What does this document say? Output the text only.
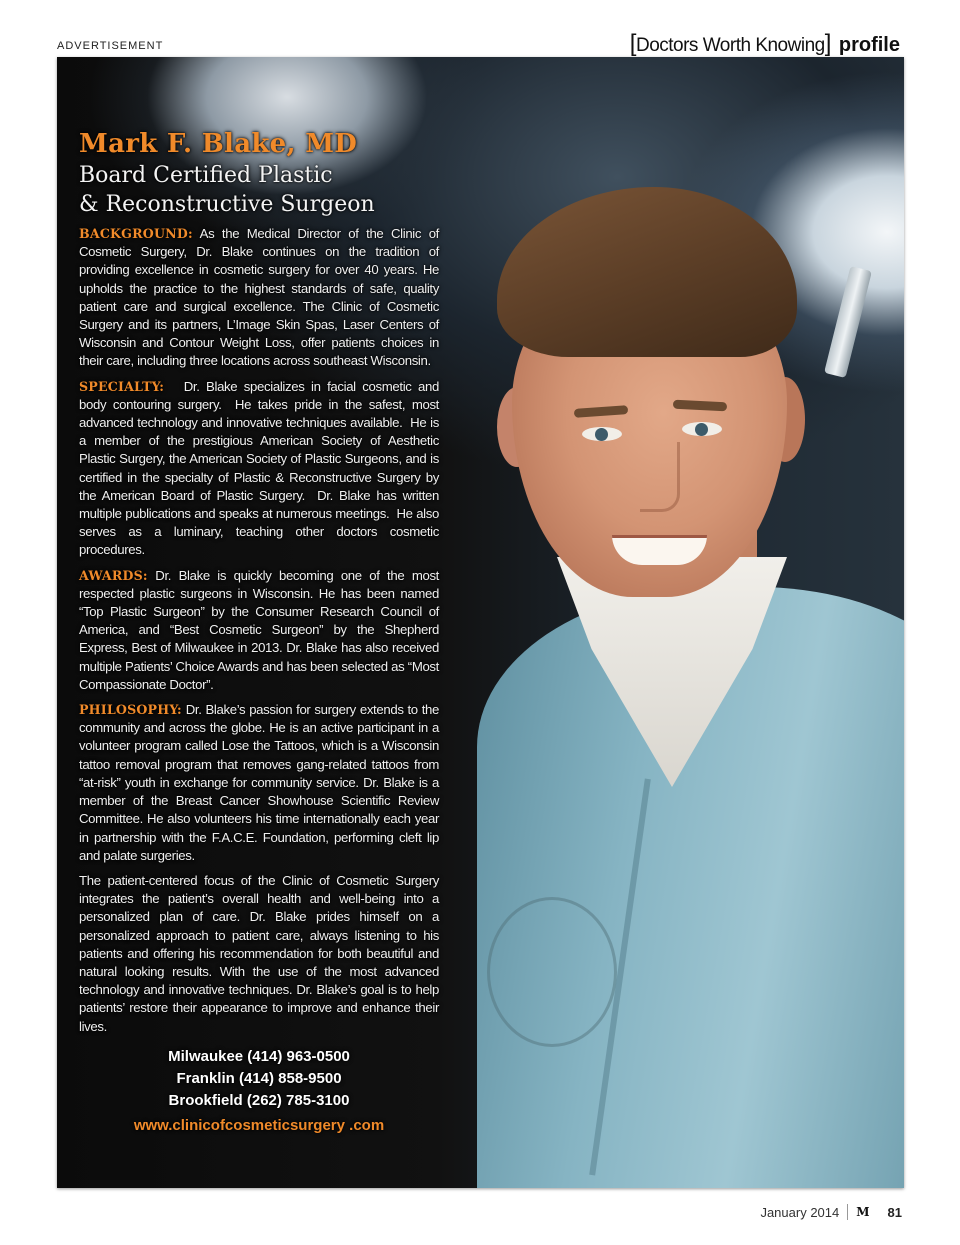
ADVERTISEMENT	[Doctors Worth Knowing] profile
Mark F. Blake, MD
Board Certified Plastic
& Reconstructive Surgeon

BACKGROUND: As the Medical Director of the Clinic of Cosmetic Surgery, Dr. Blake continues on the tradition of providing excellence in cosmetic surgery for over 40 years. He upholds the practice to the highest standards of safe, quality patient care and surgical excellence. The Clinic of Cosmetic Surgery and its partners, L’Image Skin Spas, Laser Centers of Wisconsin and Contour Weight Loss, offer patients choices in their care, including three locations across southeast Wisconsin.

SPECIALTY:   Dr. Blake specializes in facial cosmetic and body contouring surgery.  He takes pride in the safest, most advanced technology and innovative techniques available.  He is a member of the prestigious American Society of Aesthetic Plastic Surgery, the American Society of Plastic Surgeons, and is certified in the specialty of Plastic & Reconstructive Surgery by the American Board of Plastic Surgery.  Dr. Blake has written multiple publications and speaks at numerous meetings.  He also serves as a luminary, teaching other doctors cosmetic procedures.

AWARDS: Dr. Blake is quickly becoming one of the most respected plastic surgeons in Wisconsin. He has been named “Top Plastic Surgeon” by the Consumer Research Council of America, and “Best Cosmetic Surgeon” by the Shepherd Express, Best of Milwaukee in 2013. Dr. Blake has also received multiple Patients’ Choice Awards and has been selected as “Most Compassionate Doctor”.

PHILOSOPHY: Dr. Blake’s passion for surgery extends to the community and across the globe. He is an active participant in a volunteer program called Lose the Tattoos, which is a Wisconsin tattoo removal program that removes gang-related tattoos from “at-risk” youth in exchange for community service. Dr. Blake is a member of the Breast Cancer Showhouse Scientific Review Committee. He also volunteers his time internationally each year in partnership with the F.A.C.E. Foundation, performing cleft lip and palate surgeries.

The patient-centered focus of the Clinic of Cosmetic Surgery integrates the patient’s overall health and well-being into a personalized plan of care. Dr. Blake prides himself on a personalized approach to patient care, always listening to his patients and offering his recommendation for both beautiful and natural looking results. With the use of the most advanced technology and innovative techniques. Dr. Blake’s goal is to help patients’ restore their appearance to improve and enhance their lives.

Milwaukee (414) 963-0500
Franklin (414) 858-9500
Brookfield (262) 785-3100
www.clinicofcosmeticsurgery .com
January 2014 M 81
